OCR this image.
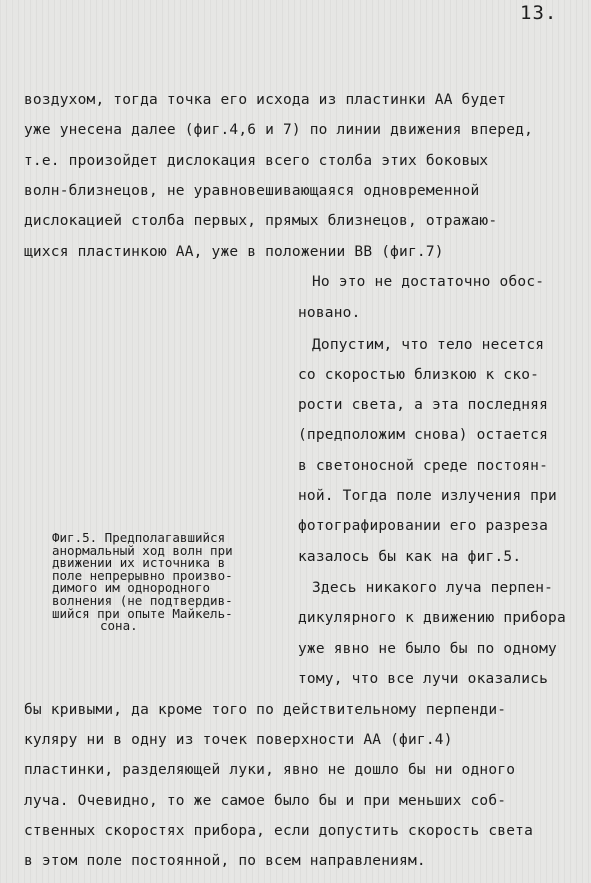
13.
воздухом, тогда точка его исхода из пластинки АА будет
уже унесена далее (фиг.4,6 и 7) по линии движения вперед,
т.е. произойдет дислокация всего столба этих боковых
волн-близнецов, не уравновешивающаяся одновременной
дислокацией столба первых, прямых близнецов, отражаю-
щихся пластинкою АА, уже в положении ВВ (фиг.7)
Но это не достаточно обос-
новано.
Допустим, что тело несется
со скоростью близкою к ско-
рости света, а эта последняя
(предположим снова) остается
в светоносной среде постоян-
ной. Тогда поле излучения при
фотографировании его разреза
казалось бы как на фиг.5.
Здесь никакого луча перпен-
дикулярного к движению прибора
уже явно не было бы по одному
тому, что все лучи оказались
Фиг.5. Предполагавшийся
анормальный ход волн при
движении их источника в
поле непрерывно произво-
димого им однородного
волнения (не подтвердив-
шийся при опыте Майкель-
сона.
бы кривыми, да кроме того по действительному перпенди-
куляру ни в одну из точек поверхности АА (фиг.4)
пластинки, разделяющей луки, явно не дошло бы ни одного
луча. Очевидно, то же самое было бы и при меньших соб-
ственных скоростях прибора, если допустить скорость света
в этом поле постоянной, по всем направлениям.
